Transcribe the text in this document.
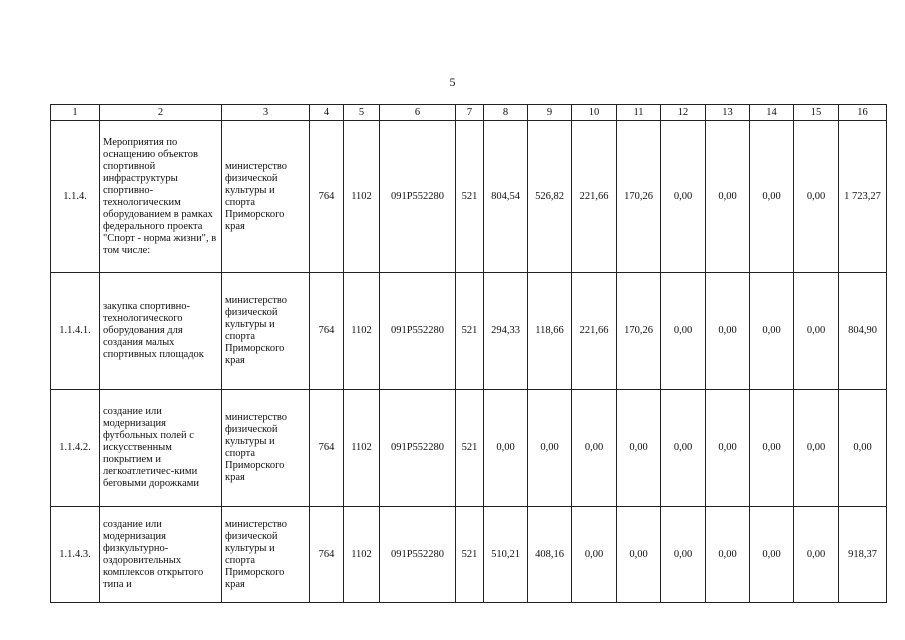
5
1	2	3	4	5	6	7	8	9	10	11	12	13	14	15	16
1.1.4.	Мероприятия по оснащению объектов спортивной инфраструктуры спортивно-технологическим оборудованием в рамках федерального проекта "Спорт - норма жизни", в том числе:	министерство физической культуры и спорта Приморского края	764	1102	091P552280	521	804,54	526,82	221,66	170,26	0,00	0,00	0,00	0,00	1 723,27
1.1.4.1.	закупка спортивно-технологического оборудования для создания малых спортивных площадок	министерство физической культуры и спорта Приморского края	764	1102	091P552280	521	294,33	118,66	221,66	170,26	0,00	0,00	0,00	0,00	804,90
1.1.4.2.	создание или модернизация футбольных полей с искусственным покрытием и легкоатлетичес-кими беговыми дорожками	министерство физической культуры и спорта Приморского края	764	1102	091P552280	521	0,00	0,00	0,00	0,00	0,00	0,00	0,00	0,00	0,00
1.1.4.3.	создание или модернизация физкультурно-оздоровительных комплексов открытого типа и	министерство физической культуры и спорта Приморского края	764	1102	091P552280	521	510,21	408,16	0,00	0,00	0,00	0,00	0,00	0,00	918,37
